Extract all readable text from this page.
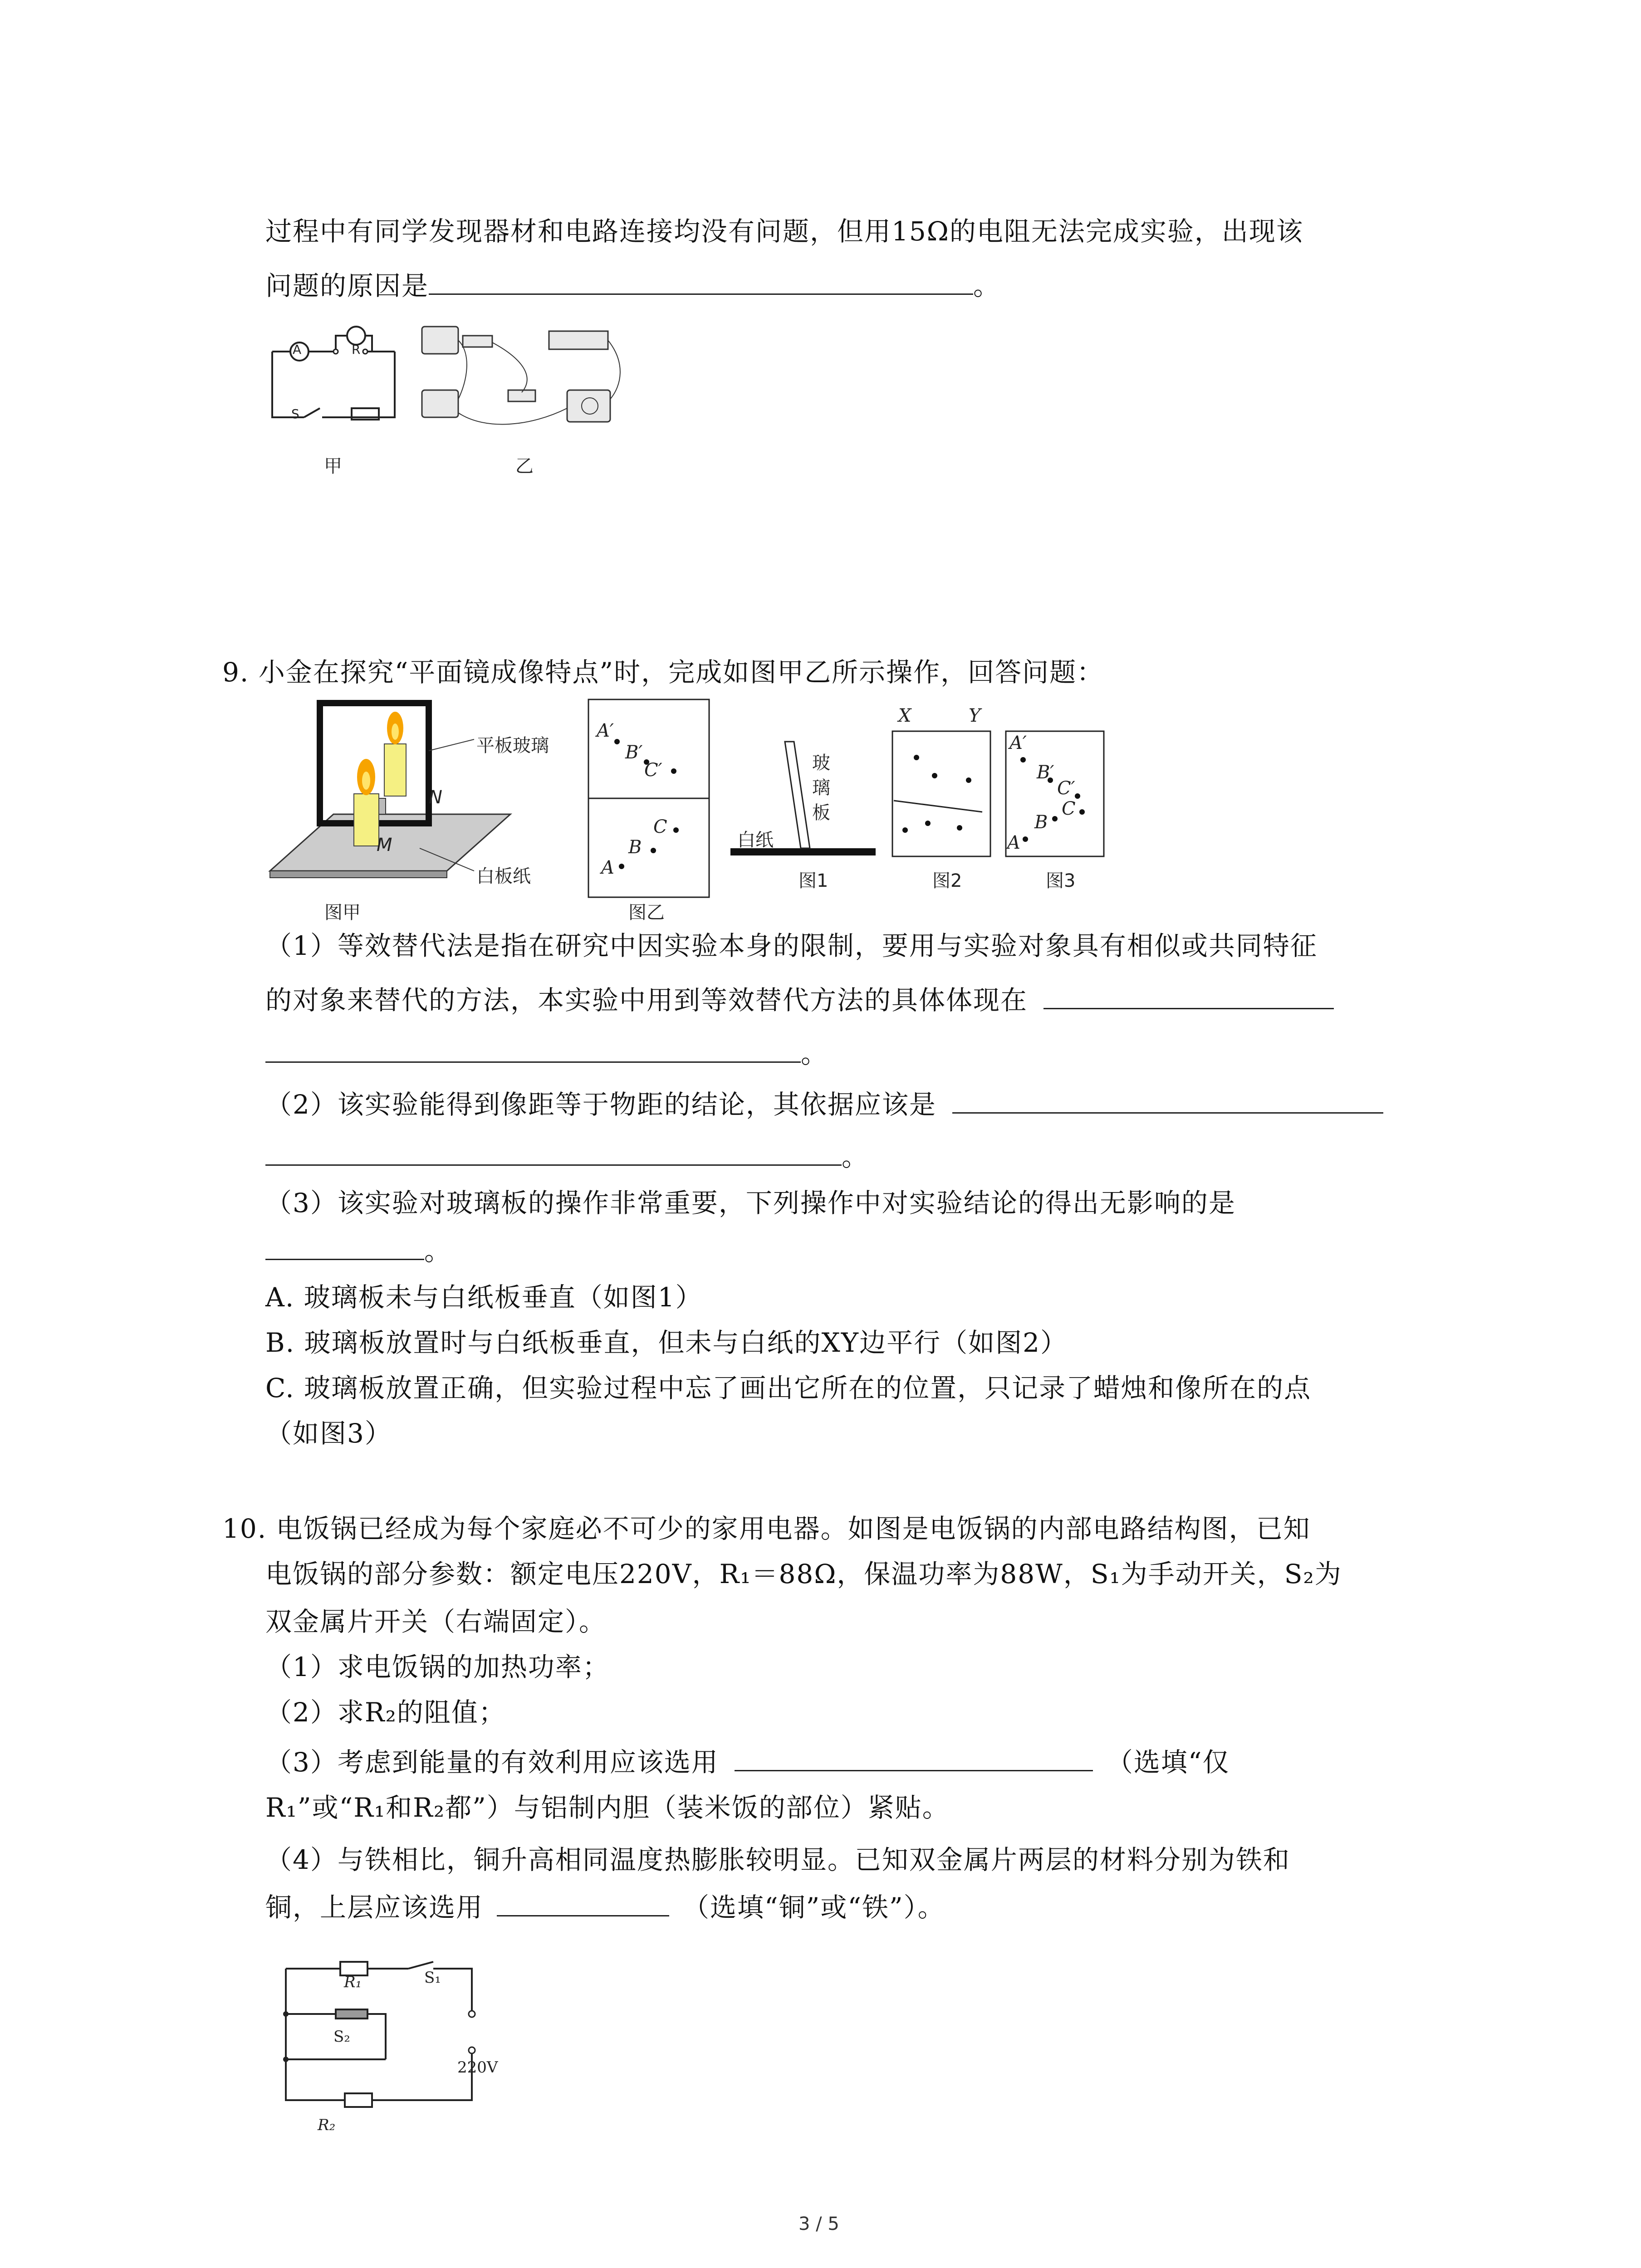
过程中有同学发现器材和电路连接均没有问题，但用15Ω的电阻无法完成实验，出现该
问题的原因是	。
A	R
S
甲	乙
9. 小金在探究“平面镜成像特点”时，完成如图甲乙所示操作，回答问题：
平板玻璃
白板纸
N
M
图甲
A′
B′
C′
C
B
A
图乙
玻
璃
板
白纸
图1
X	Y
图2
A′
B′
C′
C
B
A
图3
（1）等效替代法是指在研究中因实验本身的限制，要用与实验对象具有相似或共同特征
的对象来替代的方法，本实验中用到等效替代方法的具体体现在
。
（2）该实验能得到像距等于物距的结论，其依据应该是
。
（3）该实验对玻璃板的操作非常重要，下列操作中对实验结论的得出无影响的是
。
A. 玻璃板未与白纸板垂直（如图1）
B. 玻璃板放置时与白纸板垂直，但未与白纸的XY边平行（如图2）
C. 玻璃板放置正确，但实验过程中忘了画出它所在的位置，只记录了蜡烛和像所在的点
（如图3）
10. 电饭锅已经成为每个家庭必不可少的家用电器。如图是电饭锅的内部电路结构图，已知
电饭锅的部分参数：额定电压220V，R₁＝88Ω，保温功率为88W，S₁为手动开关，S₂为
双金属片开关（右端固定）。
（1）求电饭锅的加热功率；
（2）求R₂的阻值；
（3）考虑到能量的有效利用应该选用	（选填“仅
R₁”或“R₁和R₂都”）与铝制内胆（装米饭的部位）紧贴。
（4）与铁相比，铜升高相同温度热膨胀较明显。已知双金属片两层的材料分别为铁和
铜，上层应该选用	（选填“铜”或“铁”）。
R₁	S₁
S₂
220V
R₂
3 / 5
